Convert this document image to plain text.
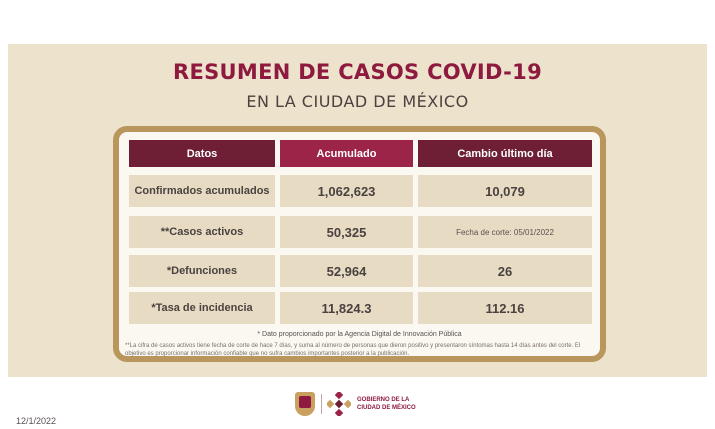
RESUMEN DE CASOS COVID-19
EN LA CIUDAD DE MÉXICO
Datos	Acumulado	Cambio último día
Confirmados acumulados	1,062,623	10,079
**Casos activos	50,325	Fecha de corte: 05/01/2022
*Defunciones	52,964	26
*Tasa de incidencia	11,824.3	112.16
* Dato proporcionado por la Agencia Digital de Innovación Pública
**La cifra de casos activos tiene fecha de corte de hace 7 días, y suma al número de personas que dieron positivo y presentaron síntomas hasta 14 días antes del corte. El objetivo es proporcionar información confiable que no sufra cambios importantes posterior a la publicación.
GOBIERNO DE LA
CIUDAD DE MÉXICO
12/1/2022
